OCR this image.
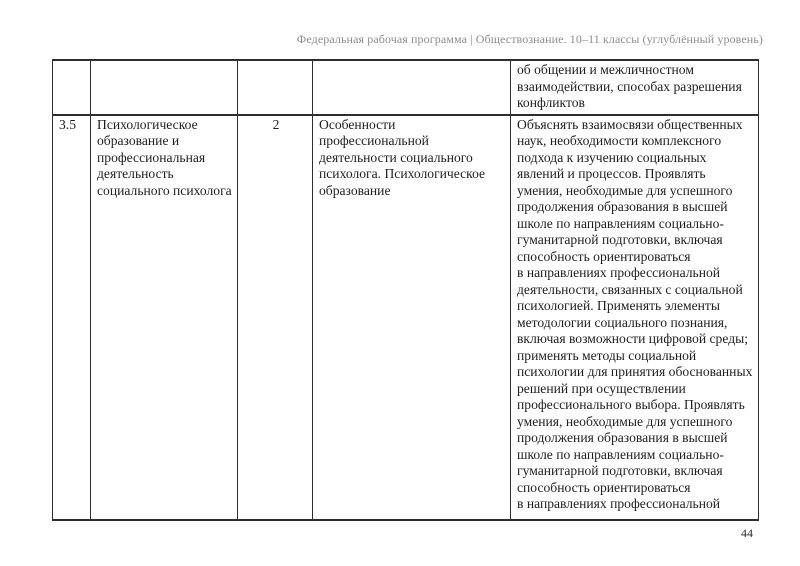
Федеральная рабочая программа | Обществознание. 10–11 классы (углублённый уровень)
				об общении и межличностном взаимодействии, способах разрешения конфликтов
3.5	Психологическое образование и профессиональная деятельность социального психолога	2	Особенности профессиональной деятельности социального психолога. Психологическое образование	Объяснять взаимосвязи общественных наук, необходимости комплексного подхода к изучению социальных явлений и процессов. Проявлять умения, необходимые для успешного продолжения образования в высшей школе по направлениям социально-гуманитарной подготовки, включая способность ориентироваться в направлениях профессиональной деятельности, связанных с социальной психологией. Применять элементы методологии социального познания, включая возможности цифровой среды; применять методы социальной психологии для принятия обоснованных решений при осуществлении профессионального выбора. Проявлять умения, необходимые для успешного продолжения образования в высшей школе по направлениям социально-гуманитарной подготовки, включая способность ориентироваться в направлениях профессиональной
44
